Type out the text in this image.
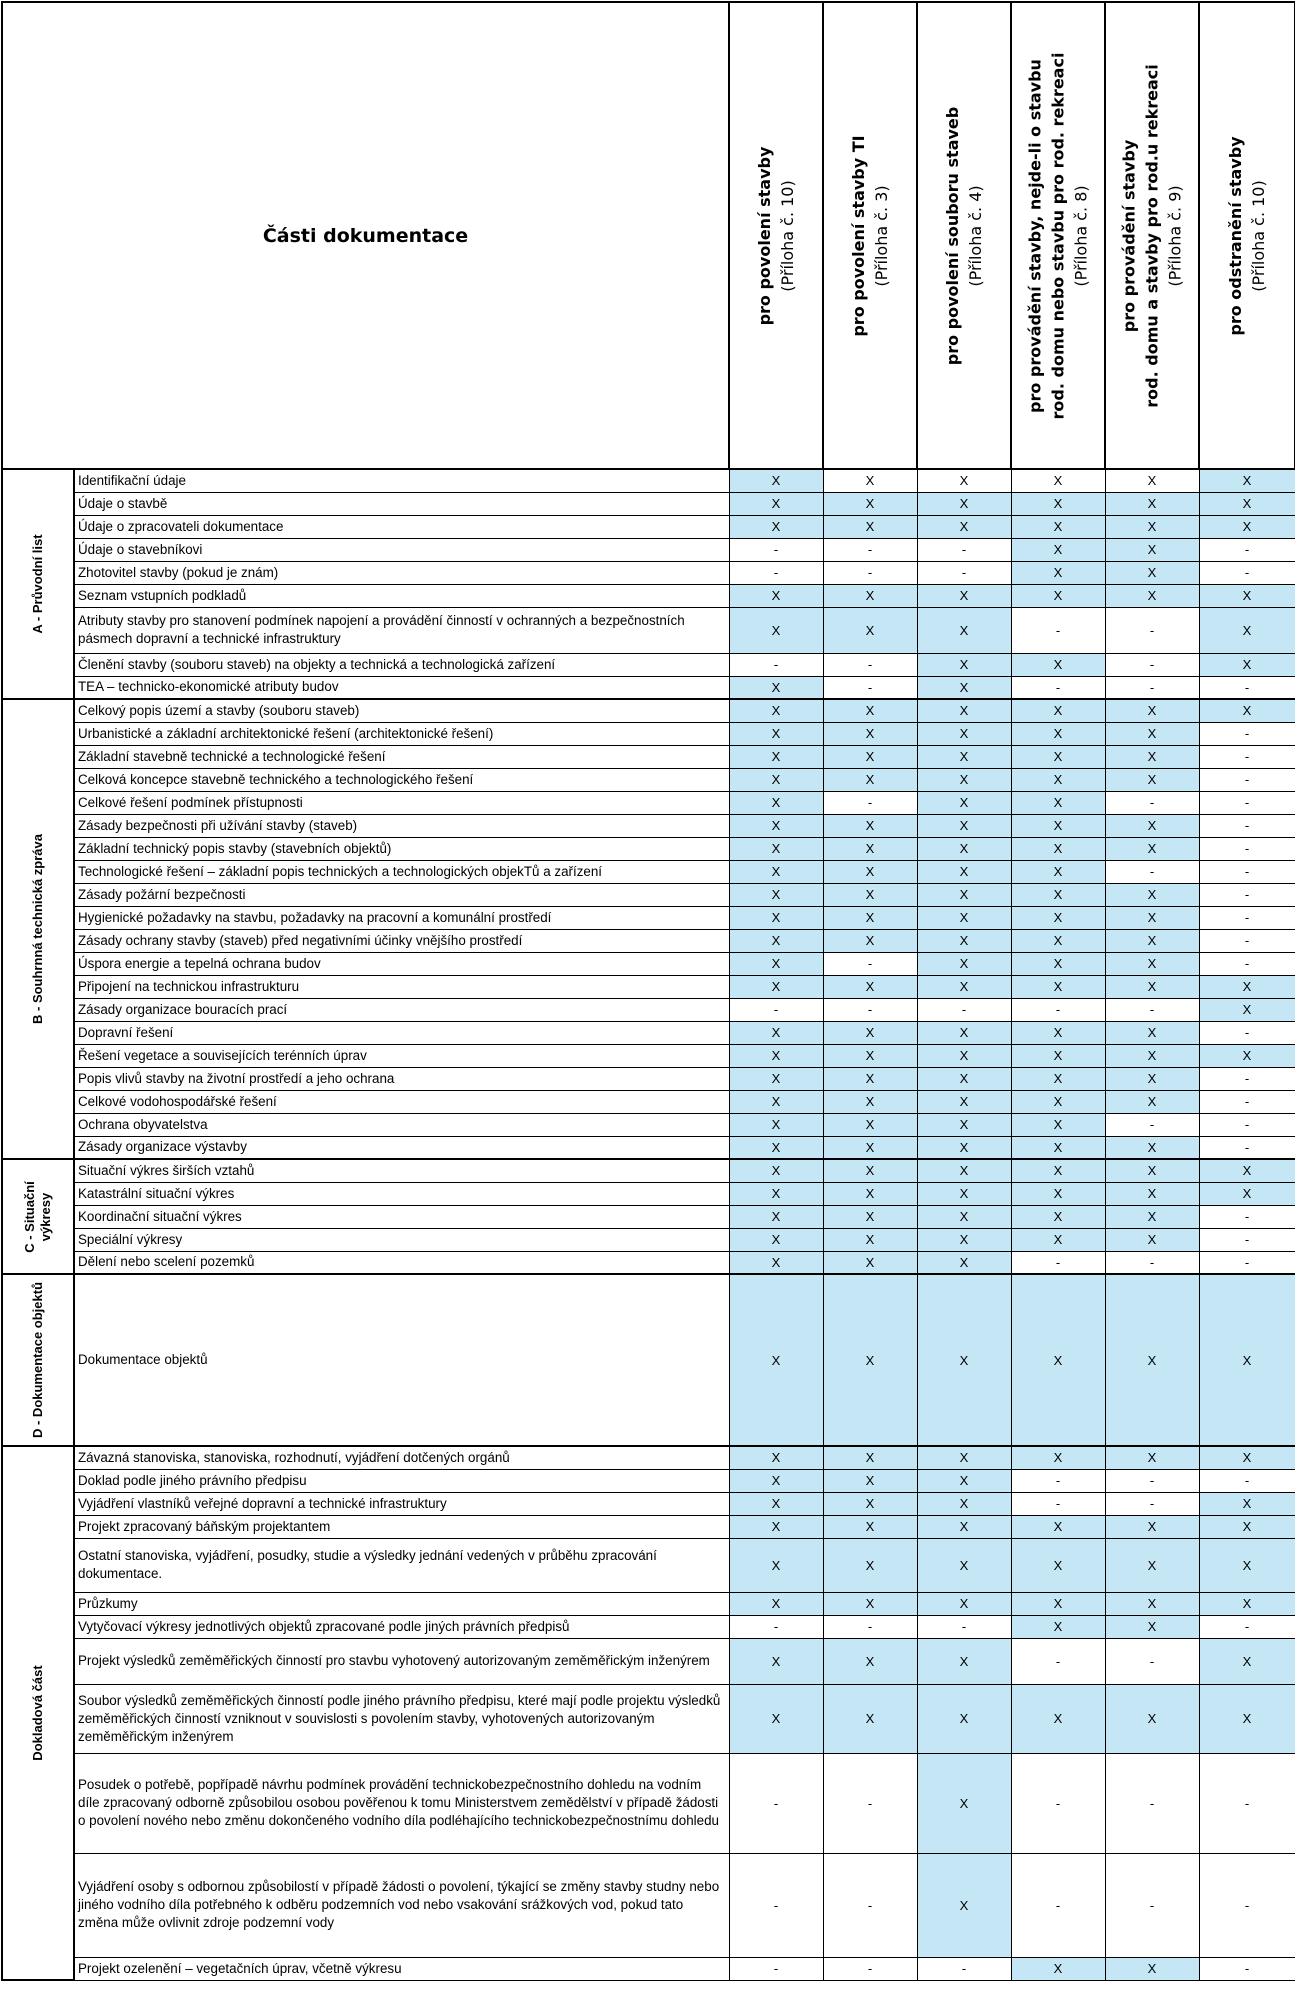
Části dokumentace		pro povolení stavby (Příloha č. 10)	pro povolení stavby TI (Příloha č. 3)	pro povolení souboru staveb (Příloha č. 4)	pro provádění stavby, nejde-li o stavbu rod. domu nebo stavbu pro rod. rekreaci (Příloha č. 8)	pro provádění stavby rod. domu a stavby pro rod.u rekreaci (Příloha č. 9)	pro odstranění stavby (Příloha č. 10)

A - Průvodní list	Identifikační údaje	X	X	X	X	X	X
	Údaje o stavbě	X	X	X	X	X	X
	Údaje o zpracovateli dokumentace	X	X	X	X	X	X
	Údaje o stavebníkovi	-	-	-	X	X	-
	Zhotovitel stavby (pokud je znám)	-	-	-	X	X	-
	Seznam vstupních podkladů	X	X	X	X	X	X
	Atributy stavby pro stanovení podmínek napojení a provádění činností v ochranných a bezpečnostních pásmech dopravní a technické infrastruktury	X	X	X	-	-	X
	Členění stavby (souboru staveb) na objekty a technická a technologická zařízení	-	-	X	X	-	X
	TEA – technicko-ekonomické atributy budov	X	-	X	-	-	-

B - Souhrnná technická zpráva	Celkový popis území a stavby (souboru staveb)	X	X	X	X	X	X
	Urbanistické a základní architektonické řešení (architektonické řešení)	X	X	X	X	X	-
	Základní stavebně technické a technologické řešení	X	X	X	X	X	-
	Celková koncepce stavebně technického a technologického řešení	X	X	X	X	X	-
	Celkové řešení podmínek přístupnosti	X	-	X	X	-	-
	Zásady bezpečnosti při užívání stavby (staveb)	X	X	X	X	X	-
	Základní technický popis stavby (stavebních objektů)	X	X	X	X	X	-
	Technologické řešení – základní popis technických a technologických objekTů a zařízení	X	X	X	X	-	-
	Zásady požární bezpečnosti	X	X	X	X	X	-
	Hygienické požadavky na stavbu, požadavky na pracovní a komunální prostředí	X	X	X	X	X	-
	Zásady ochrany stavby (staveb) před negativními účinky vnějšího prostředí	X	X	X	X	X	-
	Úspora energie a tepelná ochrana budov	X	-	X	X	X	-
	Připojení na technickou infrastrukturu	X	X	X	X	X	X
	Zásady organizace bouracích prací	-	-	-	-	-	X
	Dopravní řešení	X	X	X	X	X	-
	Řešení vegetace a souvisejících terénních úprav	X	X	X	X	X	X
	Popis vlivů stavby na životní prostředí a jeho ochrana	X	X	X	X	X	-
	Celkové vodohospodářské řešení	X	X	X	X	X	-
	Ochrana obyvatelstva	X	X	X	X	-	-
	Zásady organizace výstavby	X	X	X	X	X	-

C - Situační výkresy	Situační výkres širších vztahů	X	X	X	X	X	X
	Katastrální situační výkres	X	X	X	X	X	X
	Koordinační situační výkres	X	X	X	X	X	-
	Speciální výkresy	X	X	X	X	X	-
	Dělení nebo scelení pozemků	X	X	X	-	-	-

D - Dokumentace objektů	Dokumentace objektů	X	X	X	X	X	X

Dokladová část	Závazná stanoviska, stanoviska, rozhodnutí, vyjádření dotčených orgánů	X	X	X	X	X	X
	Doklad podle jiného právního předpisu	X	X	X	-	-	-
	Vyjádření vlastníků veřejné dopravní a technické infrastruktury	X	X	X	-	-	X
	Projekt zpracovaný báňským projektantem	X	X	X	X	X	X
	Ostatní stanoviska, vyjádření, posudky, studie a výsledky jednání vedených v průběhu zpracování dokumentace.	X	X	X	X	X	X
	Průzkumy	X	X	X	X	X	X
	Vytyčovací výkresy jednotlivých objektů zpracované podle jiných právních předpisů	-	-	-	X	X	-
	Projekt výsledků zeměměřických činností pro stavbu vyhotovený autorizovaným zeměměřickým inženýrem	X	X	X	-	-	X
	Soubor výsledků zeměměřických činností podle jiného právního předpisu, které mají podle projektu výsledků zeměměřických činností vzniknout v souvislosti s povolením stavby, vyhotovených autorizovaným zeměměřickým inženýrem	X	X	X	X	X	X
	Posudek o potřebě, popřípadě návrhu podmínek provádění technickobezpečnostního dohledu na vodním díle zpracovaný odborně způsobilou osobou pověřenou k tomu Ministerstvem zemědělství v případě žádosti o povolení nového nebo změnu dokončeného vodního díla podléhajícího technickobezpečnostnímu dohledu	-	-	X	-	-	-
	Vyjádření osoby s odbornou způsobilostí v případě žádosti o povolení, týkající se změny stavby studny nebo jiného vodního díla potřebného k odběru podzemních vod nebo vsakování srážkových vod, pokud tato změna může ovlivnit zdroje podzemní vody	-	-	X	-	-	-
	Projekt ozelenění – vegetačních úprav, včetně výkresu	-	-	-	X	X	-
